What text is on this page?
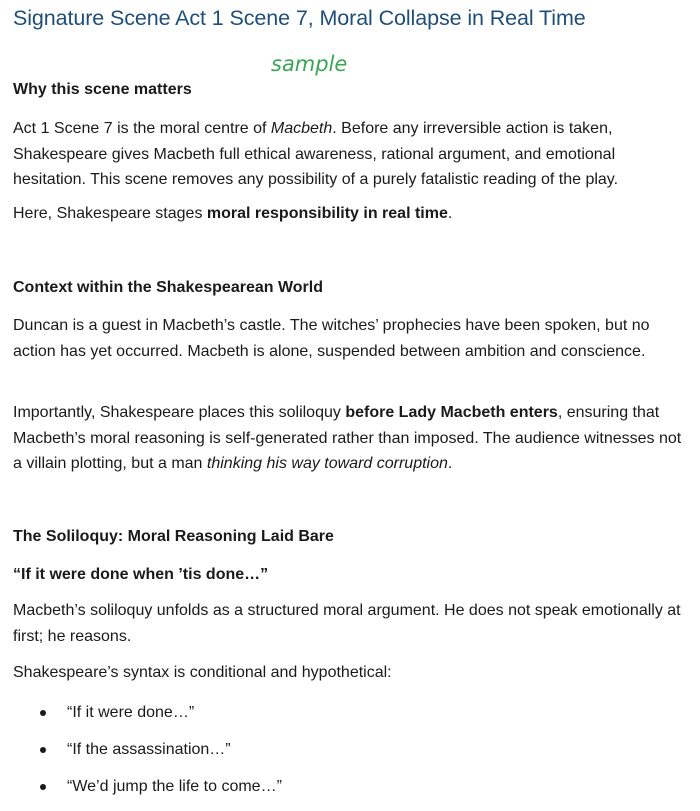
Signature Scene Act 1 Scene 7, Moral Collapse in Real Time
sample
Why this scene matters

Act 1 Scene 7 is the moral centre of Macbeth. Before any irreversible action is taken, Shakespeare gives Macbeth full ethical awareness, rational argument, and emotional hesitation. This scene removes any possibility of a purely fatalistic reading of the play.

Here, Shakespeare stages moral responsibility in real time.

Context within the Shakespearean World

Duncan is a guest in Macbeth’s castle. The witches’ prophecies have been spoken, but no action has yet occurred. Macbeth is alone, suspended between ambition and conscience.

Importantly, Shakespeare places this soliloquy before Lady Macbeth enters, ensuring that Macbeth’s moral reasoning is self-generated rather than imposed. The audience witnesses not a villain plotting, but a man thinking his way toward corruption.

The Soliloquy: Moral Reasoning Laid Bare
“If it were done when ’tis done…”

Macbeth’s soliloquy unfolds as a structured moral argument. He does not speak emotionally at first; he reasons.

Shakespeare’s syntax is conditional and hypothetical:

“If it were done…”
“If the assassination…”
“We’d jump the life to come…”
